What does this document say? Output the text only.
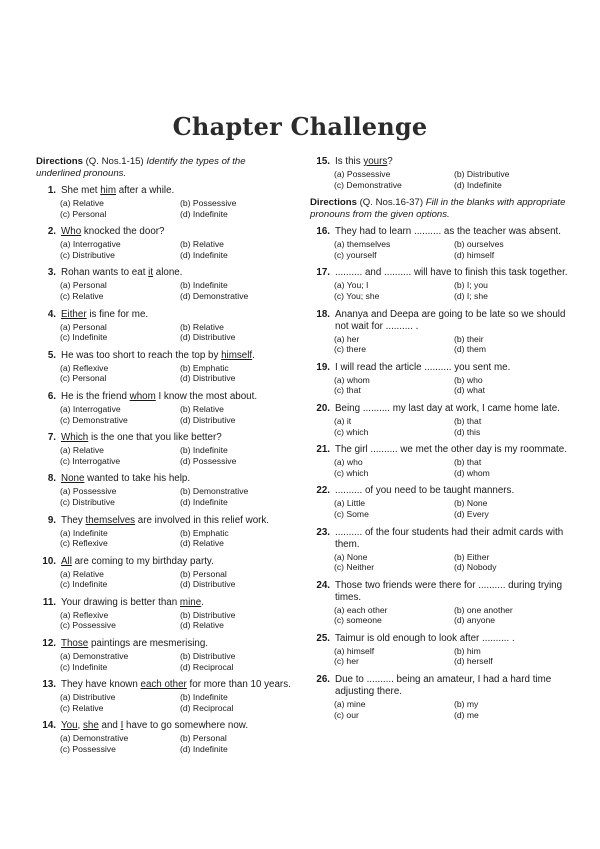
Chapter Challenge
Directions (Q. Nos.1-15) Identify the types of the underlined pronouns.
1. She met him after a while.
(a) Relative	(b) Possessive
(c) Personal	(d) Indefinite
2. Who knocked the door?
(a) Interrogative	(b) Relative
(c) Distributive	(d) Indefinite
3. Rohan wants to eat it alone.
(a) Personal	(b) Indefinite
(c) Relative	(d) Demonstrative
4. Either is fine for me.
(a) Personal	(b) Relative
(c) Indefinite	(d) Distributive
5. He was too short to reach the top by himself.
(a) Reflexive	(b) Emphatic
(c) Personal	(d) Distributive
6. He is the friend whom I know the most about.
(a) Interrogative	(b) Relative
(c) Demonstrative	(d) Distributive
7. Which is the one that you like better?
(a) Relative	(b) Indefinite
(c) Interrogative	(d) Possessive
8. None wanted to take his help.
(a) Possessive	(b) Demonstrative
(c) Distributive	(d) Indefinite
9. They themselves are involved in this relief work.
(a) Indefinite	(b) Emphatic
(c) Reflexive	(d) Relative
10. All are coming to my birthday party.
(a) Relative	(b) Personal
(c) Indefinite	(d) Distributive
11. Your drawing is better than mine.
(a) Reflexive	(b) Distributive
(c) Possessive	(d) Relative
12. Those paintings are mesmerising.
(a) Demonstrative	(b) Distributive
(c) Indefinite	(d) Reciprocal
13. They have known each other for more than 10 years.
(a) Distributive	(b) Indefinite
(c) Relative	(d) Reciprocal
14. You, she and I have to go somewhere now.
(a) Demonstrative	(b) Personal
(c) Possessive	(d) Indefinite
15. Is this yours?
(a) Possessive	(b) Distributive
(c) Demonstrative	(d) Indefinite
Directions (Q. Nos.16-37) Fill in the blanks with appropriate pronouns from the given options.
16. They had to learn .......... as the teacher was absent.
(a) themselves	(b) ourselves
(c) yourself	(d) himself
17. .......... and .......... will have to finish this task together.
(a) You; I	(b) I; you
(c) You; she	(d) I; she
18. Ananya and Deepa are going to be late so we should not wait for .......... .
(a) her	(b) their
(c) there	(d) them
19. I will read the article .......... you sent me.
(a) whom	(b) who
(c) that	(d) what
20. Being .......... my last day at work, I came home late.
(a) it	(b) that
(c) which	(d) this
21. The girl .......... we met the other day is my roommate.
(a) who	(b) that
(c) which	(d) whom
22. .......... of you need to be taught manners.
(a) Little	(b) None
(c) Some	(d) Every
23. .......... of the four students had their admit cards with them.
(a) None	(b) Either
(c) Neither	(d) Nobody
24. Those two friends were there for .......... during trying times.
(a) each other	(b) one another
(c) someone	(d) anyone
25. Taimur is old enough to look after .......... .
(a) himself	(b) him
(c) her	(d) herself
26. Due to .......... being an amateur, I had a hard time adjusting there.
(a) mine	(b) my
(c) our	(d) me
